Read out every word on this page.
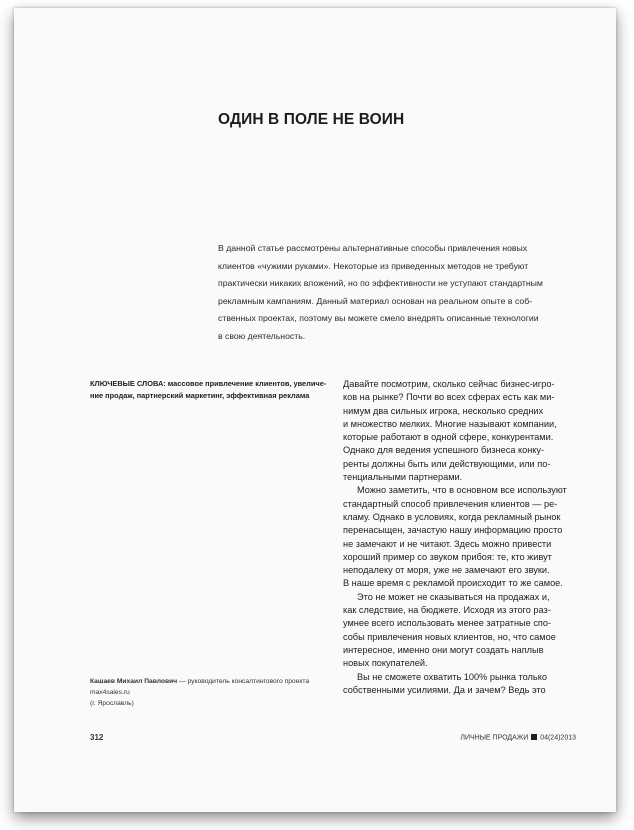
ОДИН В ПОЛЕ НЕ ВОИН
В данной статье рассмотрены альтернативные способы привлечения новых
клиентов «чужими руками». Некоторые из приведенных методов не требуют
практически никаких вложений, но по эффективности не уступают стандартным
рекламным кампаниям. Данный материал основан на реальном опыте в соб-
ственных проектах, поэтому вы можете смело внедрять описанные технологии
в свою деятельность.
КЛЮЧЕВЫЕ СЛОВА: массовое привлечение клиентов, увеличе-
ние продаж, партнерский маркетинг, эффективная реклама

Давайте посмотрим, сколько сейчас бизнес-игро-
ков на рынке? Почти во всех сферах есть как ми-
нимум два сильных игрока, несколько средних
и множество мелких. Многие называют компании,
которые работают в одной сфере, конкурентами.
Однако для ведения успешного бизнеса конку-
ренты должны быть или действующими, или по-
тенциальными партнерами.

Можно заметить, что в основном все используют
стандартный способ привлечения клиентов — ре-
кламу. Однако в условиях, когда рекламный рынок
перенасыщен, зачастую нашу информацию просто
не замечают и не читают. Здесь можно привести
хороший пример со звуком прибоя: те, кто живут
неподалеку от моря, уже не замечают его звуки.
В наше время с рекламой происходит то же самое.

Это не может не сказываться на продажах и,
как следствие, на бюджете. Исходя из этого раз-
умнее всего использовать менее затратные спо-
собы привлечения новых клиентов, но, что самое
интересное, именно они могут создать наплыв
новых покупателей.

Вы не сможете охватить 100% рынка только
собственными усилиями. Да и зачем? Ведь это

Кашаев Михаил Павлович — руководитель консалтингового проекта max4sales.ru
(г. Ярославль)
312	ЛИЧНЫЕ ПРОДАЖИ 04(24)2013
